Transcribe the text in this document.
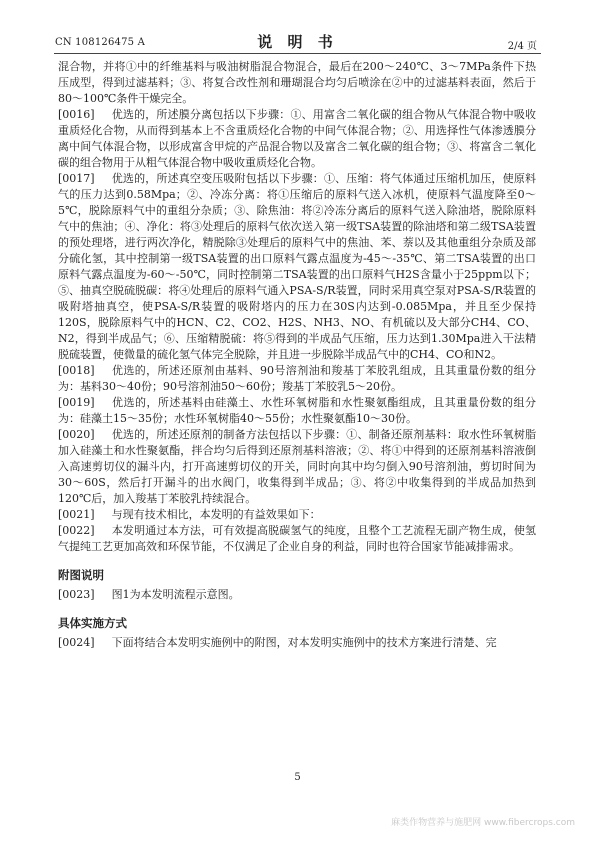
CN 108126475 A	说 明 书	2/4 页

混合物，并将①中的纤维基料与吸油树脂混合物混合，最后在200～240℃、3～7MPa条件下热压成型，得到过滤基料；③、将复合改性剂和珊瑚混合均匀后喷涂在②中的过滤基料表面，然后于80～100℃条件干燥完全。

[0016] 优选的，所述膜分离包括以下步骤：①、用富含二氧化碳的组合物从气体混合物中吸收重质烃化合物，从而得到基本上不含重质烃化合物的中间气体混合物；②、用选择性气体渗透膜分离中间气体混合物，以形成富含甲烷的产品混合物以及富含二氧化碳的组合物；③、将富含二氧化碳的组合物用于从粗气体混合物中吸收重质烃化合物。

[0017] 优选的，所述真空变压吸附包括以下步骤：①、压缩：将气体通过压缩机加压，使原料气的压力达到0.58Mpa；②、冷冻分离：将①压缩后的原料气送入冰机，使原料气温度降至0～5℃，脱除原料气中的重组分杂质；③、除焦油：将②冷冻分离后的原料气送入除油塔，脱除原料气中的焦油；④、净化：将③处理后的原料气依次送入第一级TSA装置的除油塔和第二级TSA装置的预处理塔，进行两次净化，精脱除③处理后的原料气中的焦油、苯、萘以及其他重组分杂质及部分硫化氢，其中控制第一级TSA装置的出口原料气露点温度为-45～-35℃、第二TSA装置的出口原料气露点温度为-60～-50℃，同时控制第二TSA装置的出口原料气H2S含量小于25ppm以下；⑤、抽真空脱硫脱碳：将④处理后的原料气通入PSA-S/R装置，同时采用真空泵对PSA-S/R装置的吸附塔抽真空，使PSA-S/R装置的吸附塔内的压力在30S内达到-0.085Mpa，并且至少保持120S，脱除原料气中的HCN、C2、CO2、H2S、NH3、NO、有机硫以及大部分CH4、CO、N2，得到半成品气；⑥、压缩精脱硫：将⑤得到的半成品气压缩，压力达到1.30Mpa进入干法精脱硫装置，使微量的硫化氢气体完全脱除，并且进一步脱除半成品气中的CH4、CO和N2。

[0018] 优选的，所述还原剂由基料、90号溶剂油和羧基丁苯胶乳组成，且其重量份数的组分为：基料30～40份；90号溶剂油50～60份；羧基丁苯胶乳5～20份。

[0019] 优选的，所述基料由硅藻土、水性环氧树脂和水性聚氨酯组成，且其重量份数的组分为：硅藻土15～35份；水性环氧树脂40～55份；水性聚氨酯10～30份。

[0020] 优选的，所述还原剂的制备方法包括以下步骤：①、制备还原剂基料：取水性环氧树脂加入硅藻土和水性聚氨酯，拌合均匀后得到还原剂基料溶液；②、将①中得到的还原剂基料溶液倒入高速剪切仪的漏斗内，打开高速剪切仪的开关，同时向其中均匀倒入90号溶剂油，剪切时间为30～60S，然后打开漏斗的出水阀门，收集得到半成品；③、将②中收集得到的半成品加热到120℃后，加入羧基丁苯胶乳持续混合。

[0021] 与现有技术相比，本发明的有益效果如下：

[0022] 本发明通过本方法，可有效提高脱碳氢气的纯度，且整个工艺流程无副产物生成，使氢气提纯工艺更加高效和环保节能，不仅满足了企业自身的利益，同时也符合国家节能减排需求。

附图说明

[0023] 图1为本发明流程示意图。

具体实施方式

[0024] 下面将结合本发明实施例中的附图，对本发明实施例中的技术方案进行清楚、完

5
麻类作物营养与施肥网 www.fibercrops.com
